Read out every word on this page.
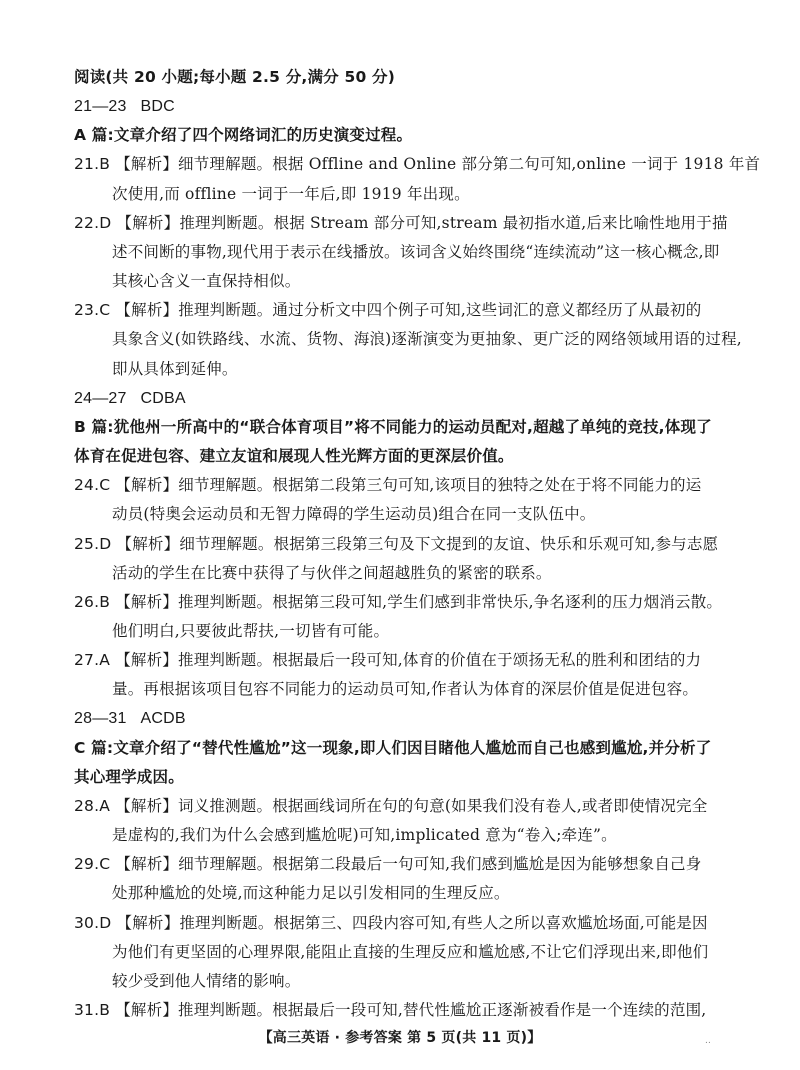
阅读(共 20 小题;每小题 2.5 分,满分 50 分)
21—23 BDC
A 篇:文章介绍了四个网络词汇的历史演变过程。
21.B 【解析】细节理解题。根据 Offline and Online 部分第二句可知,online 一词于 1918 年首
次使用,而 offline 一词于一年后,即 1919 年出现。
22.D 【解析】推理判断题。根据 Stream 部分可知,stream 最初指水道,后来比喻性地用于描
述不间断的事物,现代用于表示在线播放。该词含义始终围绕“连续流动”这一核心概念,即
其核心含义一直保持相似。
23.C 【解析】推理判断题。通过分析文中四个例子可知,这些词汇的意义都经历了从最初的
具象含义(如铁路线、水流、货物、海浪)逐渐演变为更抽象、更广泛的网络领域用语的过程,
即从具体到延伸。
24—27 CDBA
B 篇:犹他州一所高中的“联合体育项目”将不同能力的运动员配对,超越了单纯的竞技,体现了
体育在促进包容、建立友谊和展现人性光辉方面的更深层价值。
24.C 【解析】细节理解题。根据第二段第三句可知,该项目的独特之处在于将不同能力的运
动员(特奥会运动员和无智力障碍的学生运动员)组合在同一支队伍中。
25.D 【解析】细节理解题。根据第三段第三句及下文提到的友谊、快乐和乐观可知,参与志愿
活动的学生在比赛中获得了与伙伴之间超越胜负的紧密的联系。
26.B 【解析】推理判断题。根据第三段可知,学生们感到非常快乐,争名逐利的压力烟消云散。
他们明白,只要彼此帮扶,一切皆有可能。
27.A 【解析】推理判断题。根据最后一段可知,体育的价值在于颂扬无私的胜利和团结的力
量。再根据该项目包容不同能力的运动员可知,作者认为体育的深层价值是促进包容。
28—31 ACDB
C 篇:文章介绍了“替代性尴尬”这一现象,即人们因目睹他人尴尬而自己也感到尴尬,并分析了
其心理学成因。
28.A 【解析】词义推测题。根据画线词所在句的句意(如果我们没有卷人,或者即使情况完全
是虚构的,我们为什么会感到尴尬呢)可知,implicated 意为“卷入;牵连”。
29.C 【解析】细节理解题。根据第二段最后一句可知,我们感到尴尬是因为能够想象自己身
处那种尴尬的处境,而这种能力足以引发相同的生理反应。
30.D 【解析】推理判断题。根据第三、四段内容可知,有些人之所以喜欢尴尬场面,可能是因
为他们有更坚固的心理界限,能阻止直接的生理反应和尴尬感,不让它们浮现出来,即他们
较少受到他人情绪的影响。
31.B 【解析】推理判断题。根据最后一段可知,替代性尴尬正逐渐被看作是一个连续的范围,
【高三英语 · 参考答案 第 5 页(共 11 页)】	..
